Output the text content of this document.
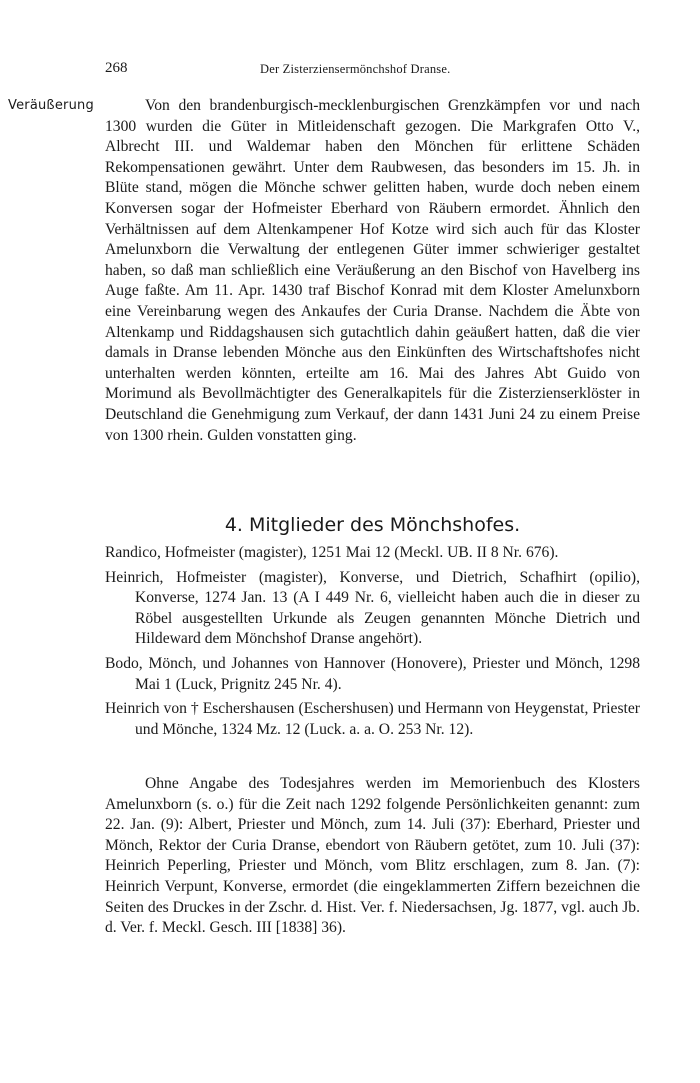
268	Der Zisterziensermönchshof Dranse.
Veräußerung	Von den brandenburgisch-mecklenburgischen Grenzkämpfen vor und nach 1300 wurden die Güter in Mitleidenschaft gezogen. Die Markgrafen Otto V., Albrecht III. und Waldemar haben den Mönchen für erlittene Schäden Rekompensationen gewährt. Unter dem Raubwesen, das besonders im 15. Jh. in Blüte stand, mögen die Mönche schwer gelitten haben, wurde doch neben einem Konversen sogar der Hofmeister Eberhard von Räubern ermordet. Ähnlich den Verhältnissen auf dem Altenkampener Hof Kotze wird sich auch für das Kloster Amelunxborn die Verwaltung der entlegenen Güter immer schwieriger gestaltet haben, so daß man schließlich eine Veräußerung an den Bischof von Havelberg ins Auge faßte. Am 11. Apr. 1430 traf Bischof Konrad mit dem Kloster Amelunxborn eine Vereinbarung wegen des Ankaufes der Curia Dranse. Nachdem die Äbte von Altenkamp und Riddagshausen sich gutachtlich dahin geäußert hatten, daß die vier damals in Dranse lebenden Mönche aus den Einkünften des Wirtschaftshofes nicht unterhalten werden könnten, erteilte am 16. Mai des Jahres Abt Guido von Morimund als Bevollmächtigter des Generalkapitels für die Zisterzienserklöster in Deutschland die Genehmigung zum Verkauf, der dann 1431 Juni 24 zu einem Preise von 1300 rhein. Gulden vonstatten ging.

4. Mitglieder des Mönchshofes.

Randico, Hofmeister (magister), 1251 Mai 12 (Meckl. UB. II 8 Nr. 676).

Heinrich, Hofmeister (magister), Konverse, und Dietrich, Schafhirt (opilio), Konverse, 1274 Jan. 13 (A I 449 Nr. 6, vielleicht haben auch die in dieser zu Röbel ausgestellten Urkunde als Zeugen genannten Mönche Dietrich und Hildeward dem Mönchshof Dranse angehört).

Bodo, Mönch, und Johannes von Hannover (Honovere), Priester und Mönch, 1298 Mai 1 (Luck, Prignitz 245 Nr. 4).

Heinrich von † Eschershausen (Eschershusen) und Hermann von Heygenstat, Priester und Mönche, 1324 Mz. 12 (Luck. a. a. O. 253 Nr. 12).

Ohne Angabe des Todesjahres werden im Memorienbuch des Klosters Amelunxborn (s. o.) für die Zeit nach 1292 folgende Persönlichkeiten genannt: zum 22. Jan. (9): Albert, Priester und Mönch, zum 14. Juli (37): Eberhard, Priester und Mönch, Rektor der Curia Dranse, ebendort von Räubern getötet, zum 10. Juli (37): Heinrich Peperling, Priester und Mönch, vom Blitz erschlagen, zum 8. Jan. (7): Heinrich Verpunt, Konverse, ermordet (die eingeklammerten Ziffern bezeichnen die Seiten des Druckes in der Zschr. d. Hist. Ver. f. Niedersachsen, Jg. 1877, vgl. auch Jb. d. Ver. f. Meckl. Gesch. III [1838] 36).
